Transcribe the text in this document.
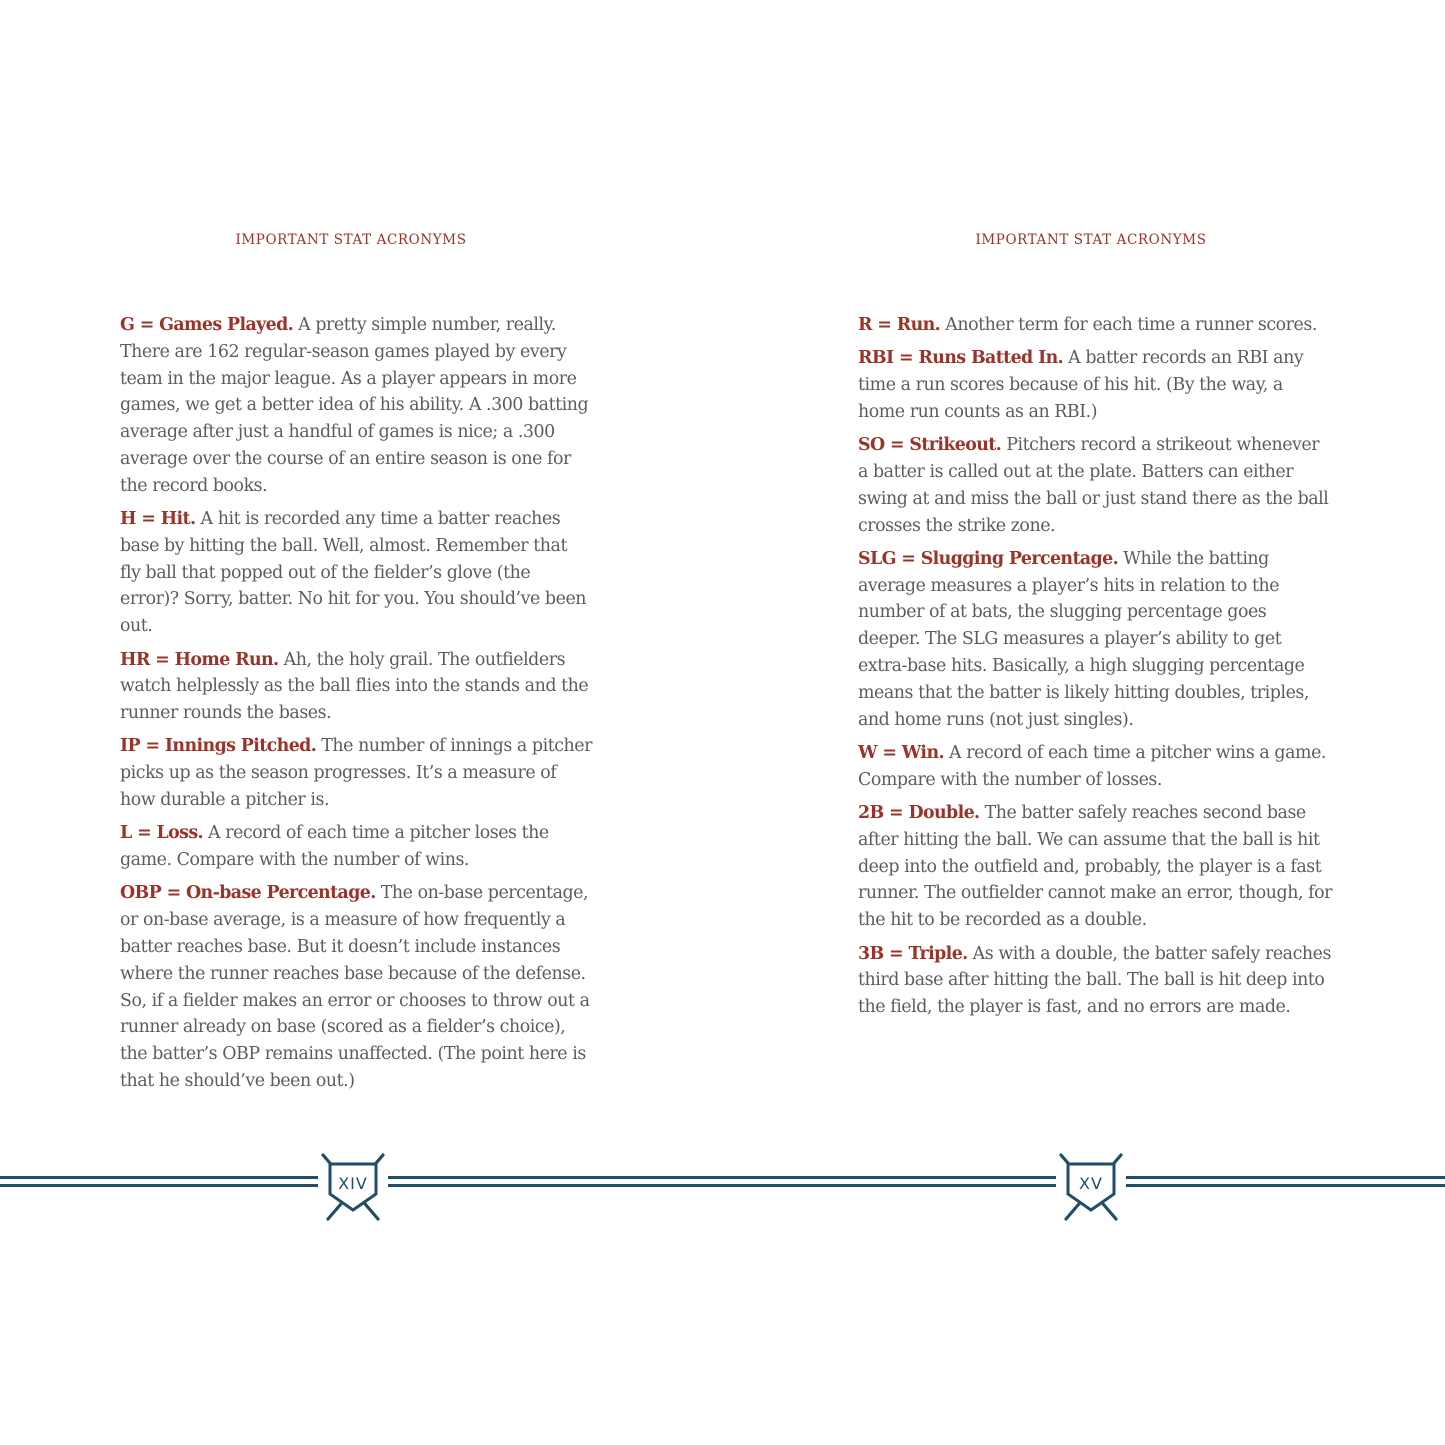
IMPORTANT STAT ACRONYMS

G = Games Played. A pretty simple number, really. There are 162 regular-season games played by every team in the major league. As a player appears in more games, we get a better idea of his ability. A .300 batting average after just a handful of games is nice; a .300 average over the course of an entire season is one for the record books.

H = Hit. A hit is recorded any time a batter reaches base by hitting the ball. Well, almost. Remember that fly ball that popped out of the fielder’s glove (the error)? Sorry, batter. No hit for you. You should’ve been out.

HR = Home Run. Ah, the holy grail. The outfielders watch helplessly as the ball flies into the stands and the runner rounds the bases.

IP = Innings Pitched. The number of innings a pitcher picks up as the season progresses. It’s a measure of how durable a pitcher is.

L = Loss. A record of each time a pitcher loses the game. Compare with the number of wins.

OBP = On-base Percentage. The on-base percentage, or on-base average, is a measure of how frequently a batter reaches base. But it doesn’t include instances where the runner reaches base because of the defense. So, if a fielder makes an error or chooses to throw out a runner already on base (scored as a fielder’s choice), the batter’s OBP remains unaffected. (The point here is that he should’ve been out.)

IMPORTANT STAT ACRONYMS

R = Run. Another term for each time a runner scores.

RBI = Runs Batted In. A batter records an RBI any time a run scores because of his hit. (By the way, a home run counts as an RBI.)

SO = Strikeout. Pitchers record a strikeout whenever a batter is called out at the plate. Batters can either swing at and miss the ball or just stand there as the ball crosses the strike zone.

SLG = Slugging Percentage. While the batting average measures a player’s hits in relation to the number of at bats, the slugging percentage goes deeper. The SLG measures a player’s ability to get extra-base hits. Basically, a high slugging percentage means that the batter is likely hitting doubles, triples, and home runs (not just singles).

W = Win. A record of each time a pitcher wins a game. Compare with the number of losses.

2B = Double. The batter safely reaches second base after hitting the ball. We can assume that the ball is hit deep into the outfield and, probably, the player is a fast runner. The outfielder cannot make an error, though, for the hit to be recorded as a double.

3B = Triple. As with a double, the batter safely reaches third base after hitting the ball. The ball is hit deep into the field, the player is fast, and no errors are made.

XIV	XV
